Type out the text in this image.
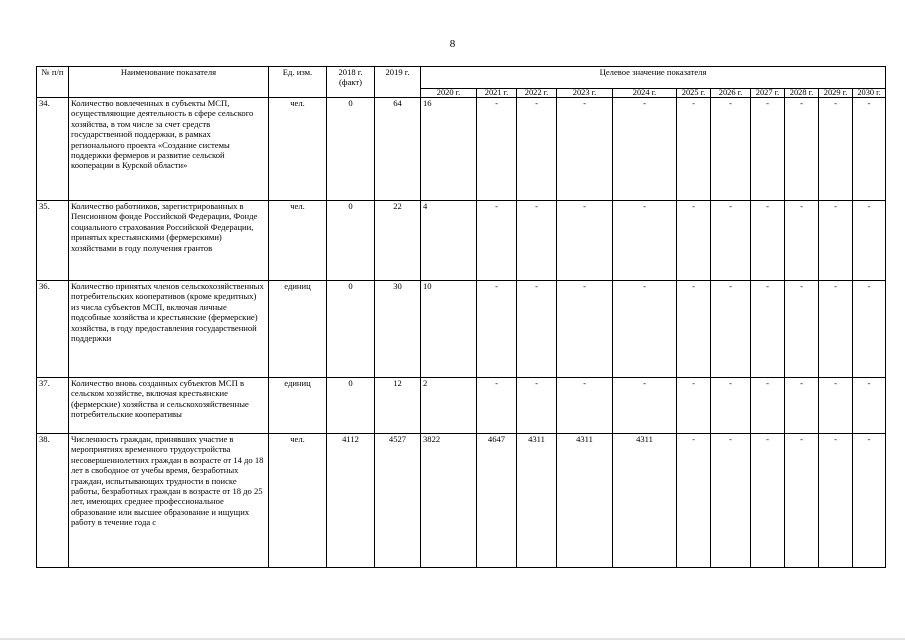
8
№ п/п	Наименование показателя	Ед. изм.	2018 г. (факт)	2019 г.	Целевое значение показателя										
					2020 г.	2021 г.	2022 г.	2023 г.	2024 г.	2025 г.	2026 г.	2027 г.	2028 г.	2029 г.	2030 г.
34.	Количество вовлеченных в субъекты МСП, осуществляющие деятельность в сфере сельского хозяйства, в том числе за счет средств государственной поддержки, в рамках регионального проекта «Создание системы поддержки фермеров и развитие сельской кооперации в Курской области»	чел.	0	64	16	-	-	-	-	-	-	-	-	-	-
35.	Количество работников, зарегистрированных в Пенсионном фонде Российской Федерации, Фонде социального страхования Российской Федерации, принятых крестьянскими (фермерскими) хозяйствами в году получения грантов	чел.	0	22	4	-	-	-	-	-	-	-	-	-	-
36.	Количество принятых членов сельскохозяйственных потребительских кооперативов (кроме кредитных) из числа субъектов МСП, включая личные подсобные хозяйства и крестьянские (фермерские) хозяйства, в году предоставления государственной поддержки	единиц	0	30	10	-	-	-	-	-	-	-	-	-	-
37.	Количество вновь созданных субъектов МСП в сельском хозяйстве, включая крестьянские (фермерские) хозяйства и сельскохозяйственные потребительские кооперативы	единиц	0	12	2	-	-	-	-	-	-	-	-	-	-
38.	Численность граждан, принявших участие в мероприятиях временного трудоустройства несовершеннолетних граждан в возрасте от 14 до 18 лет в свободное от учебы время, безработных граждан, испытывающих трудности в поиске работы, безработных граждан в возрасте от 18 до 25 лет, имеющих среднее профессиональное образование или высшее образование и ищущих работу в течение года с	чел.	4112	4527	3822	4647	4311	4311	4311	-	-	-	-	-	-
